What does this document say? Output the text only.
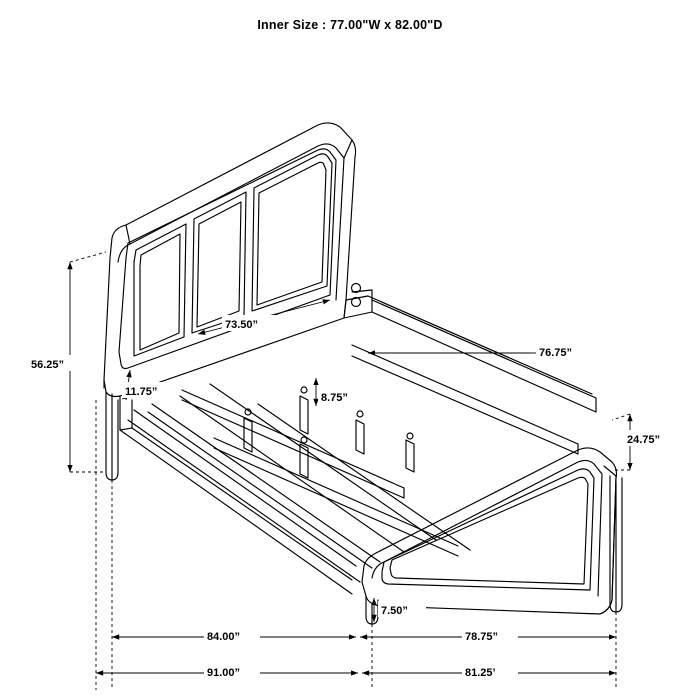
Inner Size : 77.00"W x 82.00"D
56.25”
73.50”
11.75”	8.75”
76.75”
24.75”
7.50”
84.00”	78.75”
91.00”	81.25’
